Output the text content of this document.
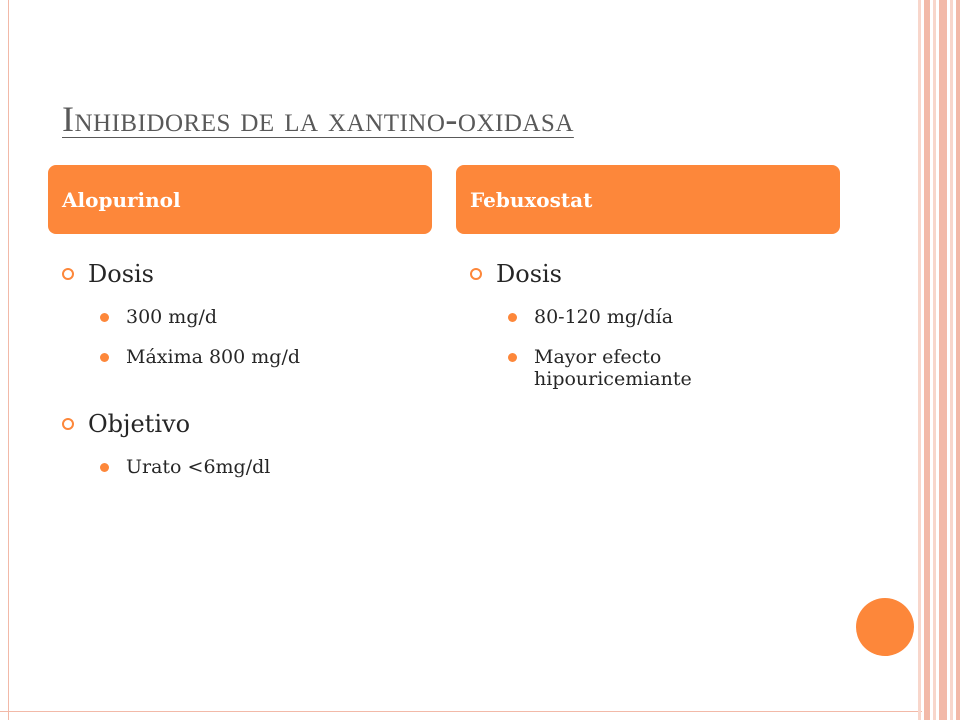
Inhibidores de la xantino-oxidasa
Alopurinol	Febuxostat
Dosis
300 mg/d
Máxima 800 mg/d
Objetivo
Urato <6mg/dl
Dosis
80-120 mg/día
Mayor efecto hipouricemiante
